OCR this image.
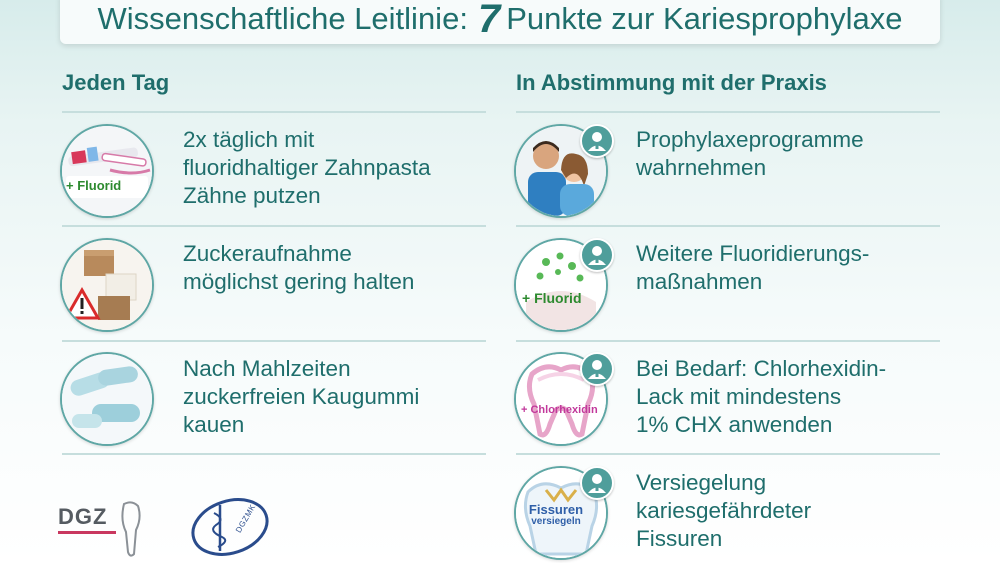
Wissenschaftliche Leitlinie: 7 Punkte zur Kariesprophylaxe
Jeden Tag	In Abstimmung mit der Praxis
+ Fluorid
2x täglich mit
fluoridhaltiger Zahnpasta
Zähne putzen
Zuckeraufnahme
möglichst gering halten
Nach Mahlzeiten
zuckerfreien Kaugummi
kauen
Prophylaxeprogramme
wahrnehmen
+ Fluorid
Weitere Fluoridierungs-
maßnahmen
+ Chlorhexidin
Bei Bedarf: Chlorhexidin-
Lack mit mindestens
1% CHX anwenden
Fissuren
versiegeln
Versiegelung
kariesgefährdeter
Fissuren
DGZ	DGZMK
